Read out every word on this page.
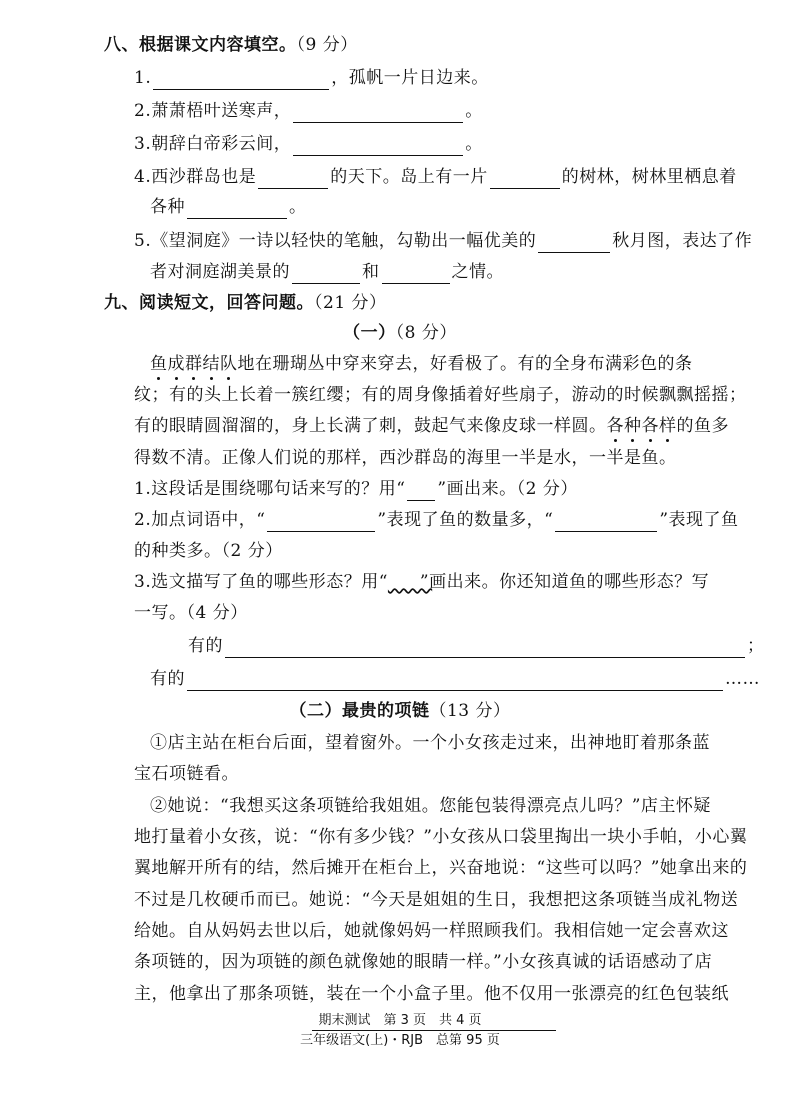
八、根据课文内容填空。（9 分）
1.	，孤帆一片日边来。
2.萧萧梧叶送寒声，	。
3.朝辞白帝彩云间，	。
4.西沙群岛也是	的天下。岛上有一片	的树林，树林里栖息着
各种	。
5.《望洞庭》一诗以轻快的笔触，勾勒出一幅优美的	秋月图，表达了作
者对洞庭湖美景的	和	之情。
九、阅读短文，回答问题。（21 分）
（一）（8 分）
鱼成群结队地在珊瑚丛中穿来穿去，好看极了。有的全身布满彩色的条
纹；有的头上长着一簇红缨；有的周身像插着好些扇子，游动的时候飘飘摇摇；
有的眼睛圆溜溜的，身上长满了刺，鼓起气来像皮球一样圆。各种各样的鱼多
得数不清。正像人们说的那样，西沙群岛的海里一半是水，一半是鱼。
1.这段话是围绕哪句话来写的？用“ ”画出来。（2 分）
2.加点词语中，“	”表现了鱼的数量多，“	”表现了鱼
的种类多。（2 分）
3.选文描写了鱼的哪些形态？用“ ”画出来。你还知道鱼的哪些形态？写
一写。（4 分）
有的	；
有的	……
（二）最贵的项链（13 分）
①店主站在柜台后面，望着窗外。一个小女孩走过来，出神地盯着那条蓝
宝石项链看。
②她说：“我想买这条项链给我姐姐。您能包装得漂亮点儿吗？”店主怀疑
地打量着小女孩，说：“你有多少钱？”小女孩从口袋里掏出一块小手帕，小心翼
翼地解开所有的结，然后摊开在柜台上，兴奋地说：“这些可以吗？”她拿出来的
不过是几枚硬币而已。她说：“今天是姐姐的生日，我想把这条项链当成礼物送
给她。自从妈妈去世以后，她就像妈妈一样照顾我们。我相信她一定会喜欢这
条项链的，因为项链的颜色就像她的眼睛一样。”小女孩真诚的话语感动了店
主，他拿出了那条项链，装在一个小盒子里。他不仅用一张漂亮的红色包装纸
期末测试　第 3 页　共 4 页
三年级语文(上)・RJB　总第 95 页
